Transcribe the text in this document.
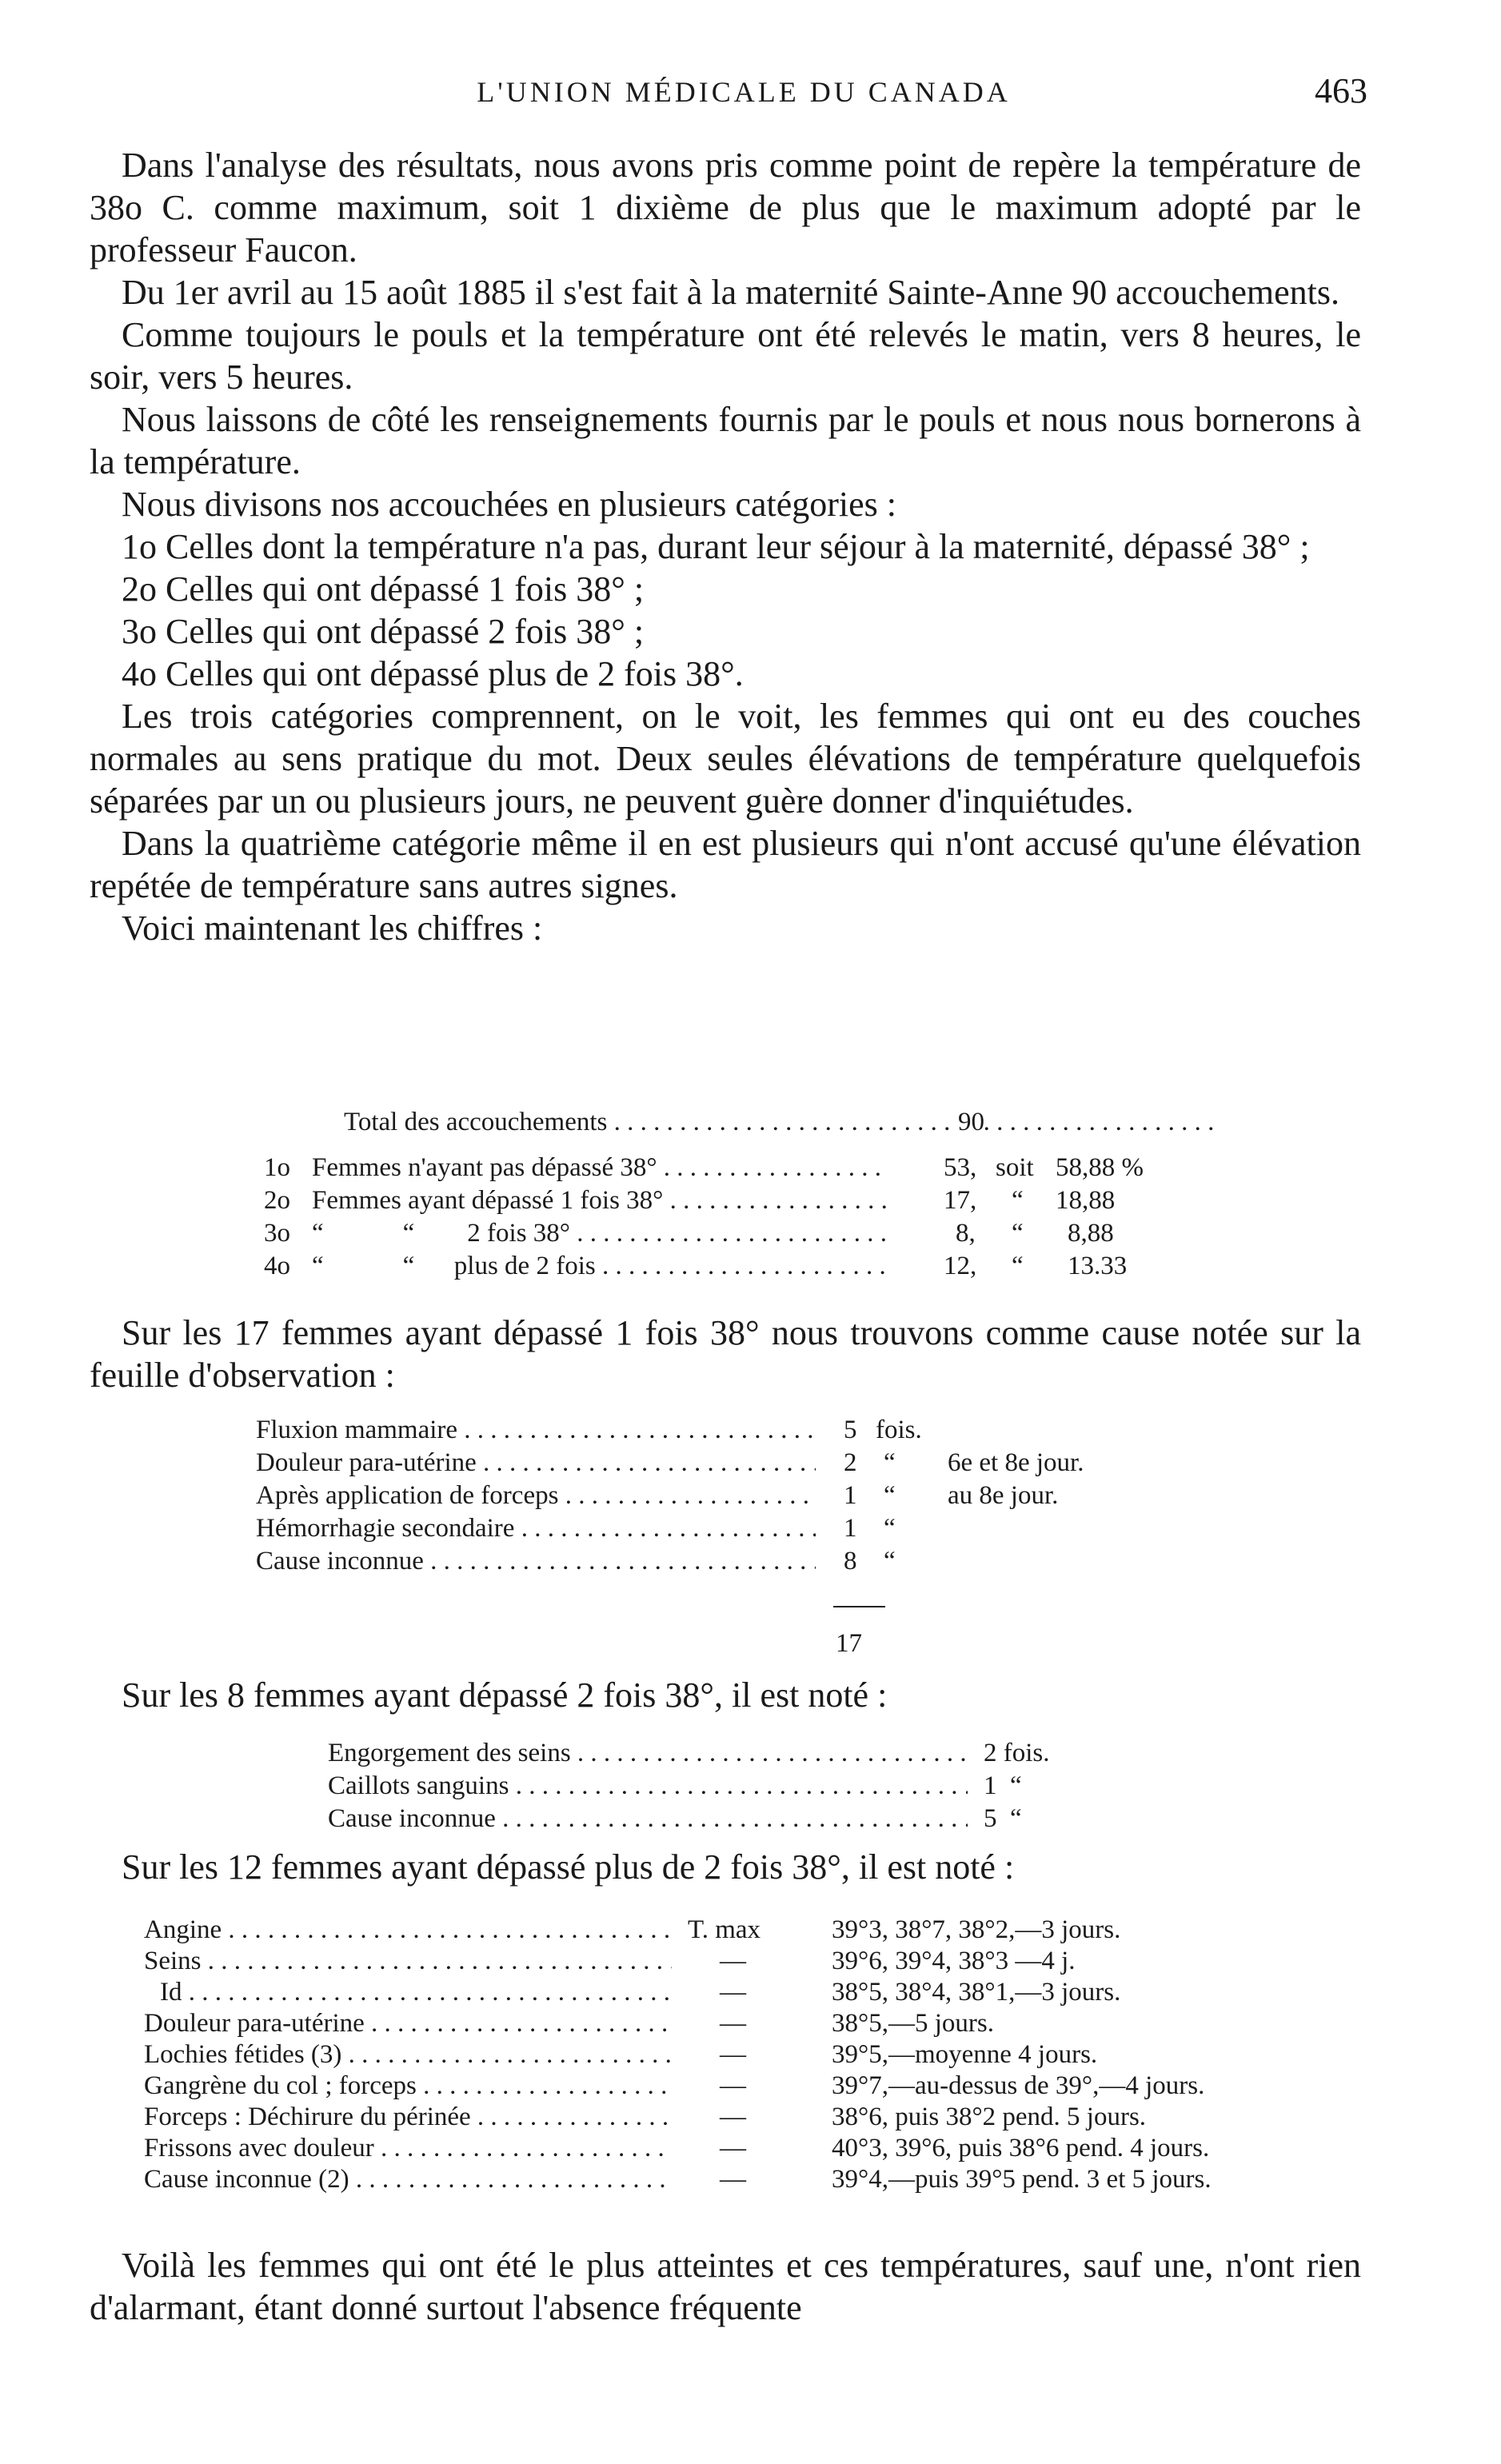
L'UNION MÉDICALE DU CANADA	463

Dans l'analyse des résultats, nous avons pris comme point de repère la température de 38o C. comme maximum, soit 1 dixième de plus que le maximum adopté par le professeur Faucon.

Du 1er avril au 15 août 1885 il s'est fait à la maternité Sainte-Anne 90 accouchements.

Comme toujours le pouls et la température ont été relevés le matin, vers 8 heures, le soir, vers 5 heures.

Nous laissons de côté les renseignements fournis par le pouls et nous nous bornerons à la température.

Nous divisons nos accouchées en plusieurs catégories :

1o Celles dont la température n'a pas, durant leur séjour à la maternité, dépassé 38° ;

2o Celles qui ont dépassé 1 fois 38° ;

3o Celles qui ont dépassé 2 fois 38° ;

4o Celles qui ont dépassé plus de 2 fois 38°.

Les trois catégories comprennent, on le voit, les femmes qui ont eu des couches normales au sens pratique du mot. Deux seules élévations de température quelquefois séparées par un ou plusieurs jours, ne peuvent guère donner d'inquiétudes.

Dans la quatrième catégorie même il en est plusieurs qui n'ont accusé qu'une élévation repétée de température sans autres signes.

Voici maintenant les chiffres :

Total des accouchements . . .	90
1o Femmes n'ayant pas dépassé 38° . . .	53, soit 58,88 %
2o Femmes ayant dépassé 1 fois 38° . . .	17, “ 18,88
3o “            “        2 fois 38° . . .	8, “ 8,88
4o “            “      plus de 2 fois . . .	12, “ 13.33

Sur les 17 femmes ayant dépassé 1 fois 38° nous trouvons comme cause notée sur la feuille d'observation :

Fluxion mammaire . . .	5 fois.
Douleur para-utérine . . .	2 “ 6e et 8e jour.
Après application de forceps . . .	1 “ au 8e jour.
Hémorrhagie secondaire . . .	1 “
Cause inconnue . . .	8 “
17

Sur les 8 femmes ayant dépassé 2 fois 38°, il est noté :

Engorgement des seins . . .	2 fois.
Caillots sanguins . . .	1  “
Cause inconnue . . .	5  “

Sur les 12 femmes ayant dépassé plus de 2 fois 38°, il est noté :

Angine . . .	T. max	39°3, 38°7, 38°2,—3 jours.
Seins . . .	—	39°6, 39°4, 38°3 —4 j.
Id . . .	—	38°5, 38°4, 38°1,—3 jours.
Douleur para-utérine . . .	—	38°5,—5 jours.
Lochies fétides (3) . . .	—	39°5,—moyenne 4 jours.
Gangrène du col ; forceps . . .	—	39°7,—au-dessus de 39°,—4 jours.
Forceps : Déchirure du périnée . . .	—	38°6, puis 38°2 pend. 5 jours.
Frissons avec douleur . . .	—	40°3, 39°6, puis 38°6 pend. 4 jours.
Cause inconnue (2) . . .	—	39°4,—puis 39°5 pend. 3 et 5 jours.

Voilà les femmes qui ont été le plus atteintes et ces températures, sauf une, n'ont rien d'alarmant, étant donné surtout l'absence fréquente
